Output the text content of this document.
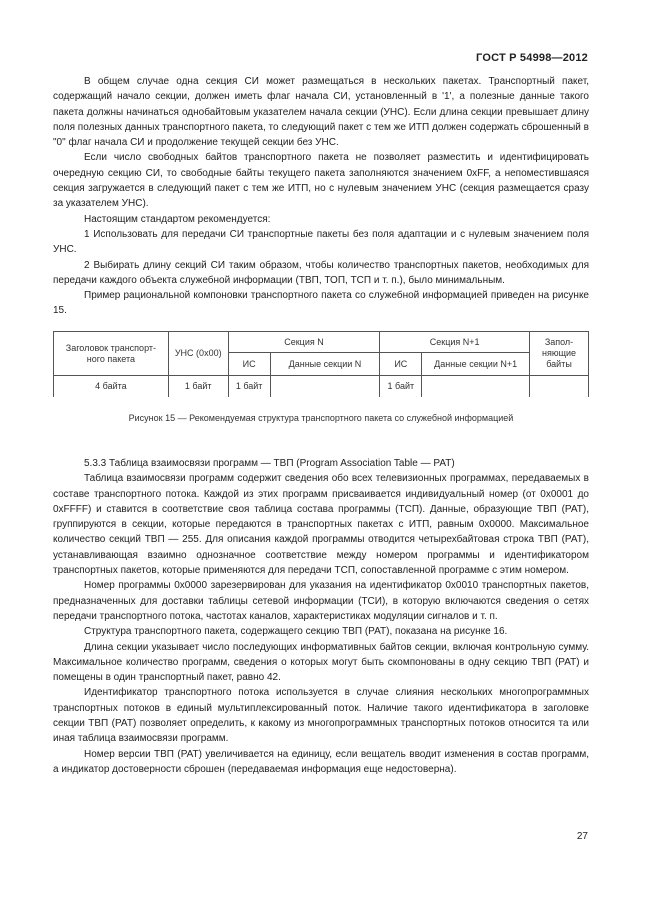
ГОСТ Р 54998—2012

В общем случае одна секция СИ может размещаться в нескольких пакетах. Транспортный пакет, содержащий начало секции, должен иметь флаг начала СИ, установленный в '1', а полезные данные такого пакета должны начинаться однобайтовым указателем начала секции (УНС). Если длина секции превышает длину поля полезных данных транспортного пакета, то следующий пакет с тем же ИТП должен содержать сброшенный в "0" флаг начала СИ и продолжение текущей секции без УНС.

Если число свободных байтов транспортного пакета не позволяет разместить и идентифицировать очередную секцию СИ, то свободные байты текущего пакета заполняются значением 0xFF, а непоместившаяся секция загружается в следующий пакет с тем же ИТП, но с нулевым значением УНС (секция размещается сразу за указателем УНС).

Настоящим стандартом рекомендуется:

1 Использовать для передачи СИ транспортные пакеты без поля адаптации и с нулевым значением поля УНС.

2 Выбирать длину секций СИ таким образом, чтобы количество транспортных пакетов, необходимых для передачи каждого объекта служебной информации (ТВП, ТОП, ТСП и т. п.), было минимальным.

Пример рациональной компоновки транспортного пакета со служебной информацией приведен на рисунке 15.

Заголовок транспорт-ного пакета	УНС (0х00)	Секция N		Секция N+1		Запол-няющие байты
		ИС	Данные секции N	ИС	Данные секции N+1	
4 байта	1 байт	1 байт		1 байт		
Рисунок 15 — Рекомендуемая структура транспортного пакета со служебной информацией

5.3.3 Таблица взаимосвязи программ — ТВП (Program Association Table — PAT)

Таблица взаимосвязи программ содержит сведения обо всех телевизионных программах, передаваемых в составе транспортного потока. Каждой из этих программ присваивается индивидуальный номер (от 0x0001 до 0xFFFF) и ставится в соответствие своя таблица состава программы (ТСП). Данные, образующие ТВП (PAT), группируются в секции, которые передаются в транспортных пакетах с ИТП, равным 0x0000. Максимальное количество секций ТВП — 255. Для описания каждой программы отводится четырехбайтовая строка ТВП (PAT), устанавливающая взаимно однозначное соответствие между номером программы и идентификатором транспортных пакетов, которые применяются для передачи ТСП, сопоставленной программе с этим номером.

Номер программы 0x0000 зарезервирован для указания на идентификатор 0x0010 транспортных пакетов, предназначенных для доставки таблицы сетевой информации (ТСИ), в которую включаются сведения о сетях передачи транспортного потока, частотах каналов, характеристиках модуляции сигналов и т. п.

Структура транспортного пакета, содержащего секцию ТВП (PAT), показана на рисунке 16.

Длина секции указывает число последующих информативных байтов секции, включая контрольную сумму. Максимальное количество программ, сведения о которых могут быть скомпонованы в одну секцию ТВП (PAT) и помещены в один транспортный пакет, равно 42.

Идентификатор транспортного потока используется в случае слияния нескольких многопрограммных транспортных потоков в единый мультиплексированный поток. Наличие такого идентификатора в заголовке секции ТВП (PAT) позволяет определить, к какому из многопрограммных транспортных потоков относится та или иная таблица взаимосвязи программ.

Номер версии ТВП (PAT) увеличивается на единицу, если вещатель вводит изменения в состав программ, а индикатор достоверности сброшен (передаваемая информация еще недостоверна).

27
